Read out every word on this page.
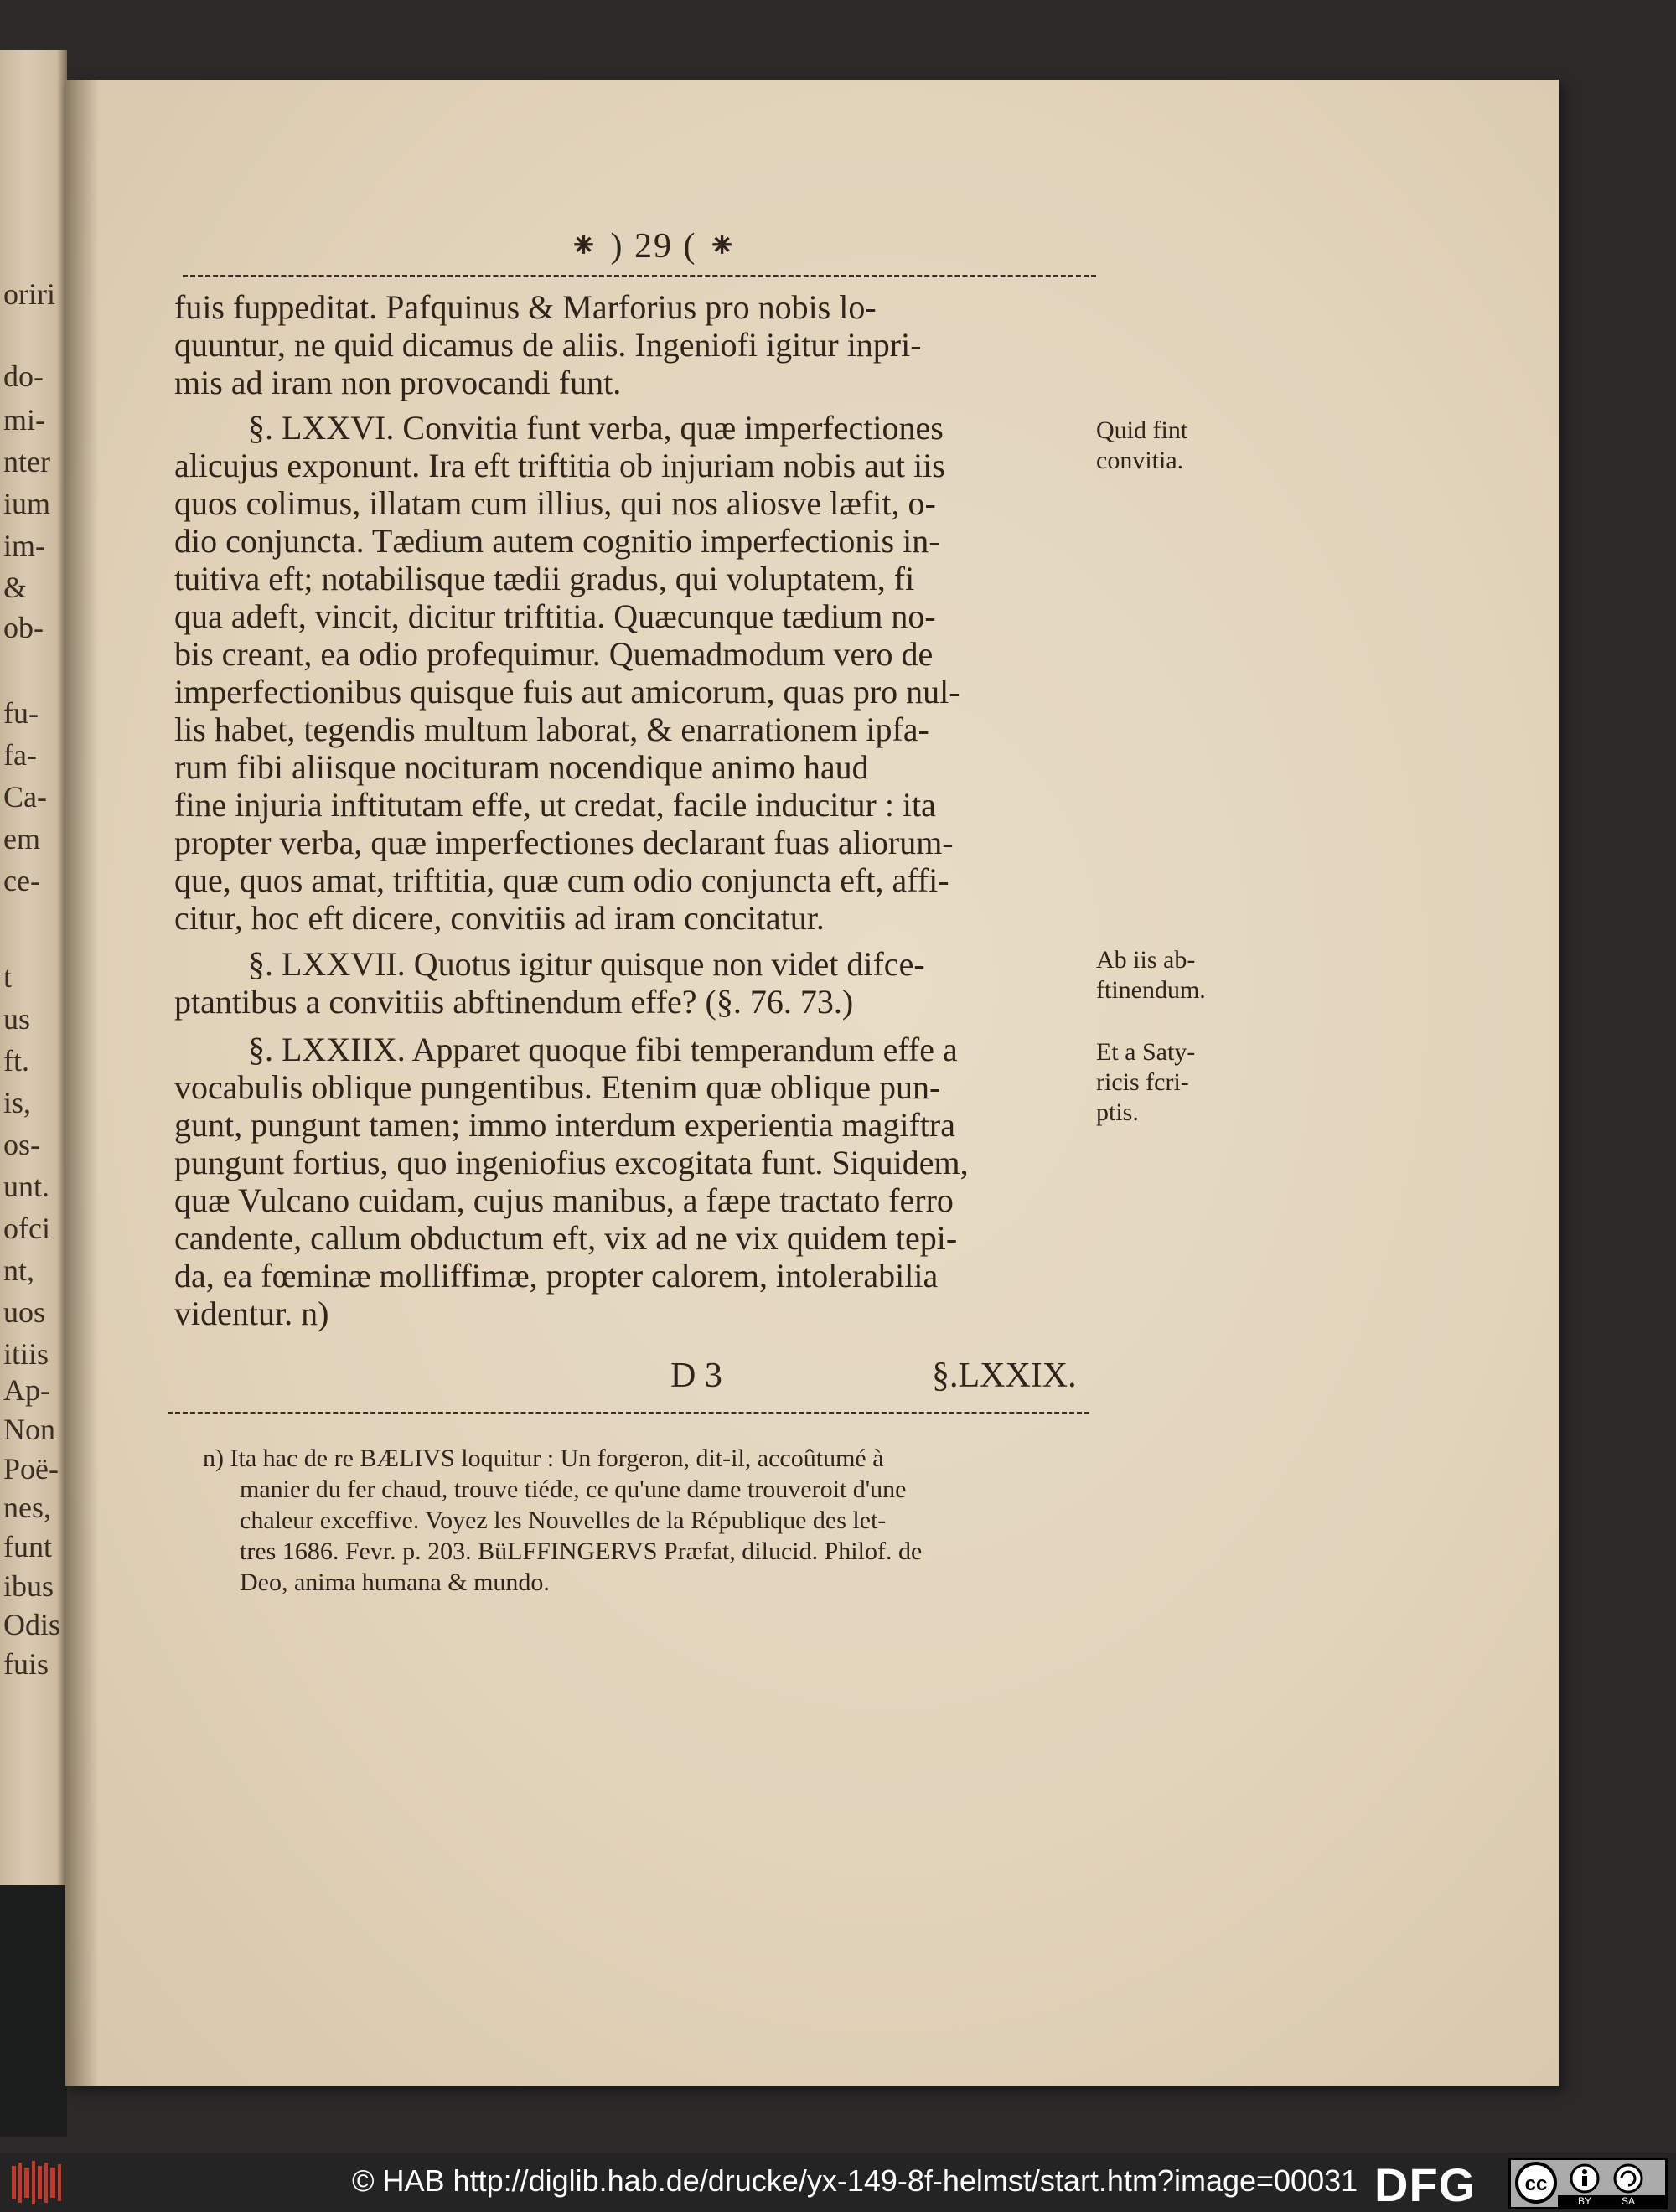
oriri
do-
mi-
nter
ium
im-
&
ob-
fu-
fa-
Ca-
em
ce-
t
us
ft.
is,
os-
unt.
ofci
nt,
uos
itiis
Ap-
Non
Poë-
nes,
funt
ibus
Odis
fuis
⁕ ) 29 ( ⁕
fuis fuppeditat. Pafquinus & Marforius pro nobis lo-
quuntur, ne quid dicamus de aliis. Ingeniofi igitur inpri-
mis ad iram non provocandi funt.
§. LXXVI. Convitia funt verba, quæ imperfectiones
alicujus exponunt. Ira eft triftitia ob injuriam nobis aut iis
quos colimus, illatam cum illius, qui nos aliosve læfit, o-
dio conjuncta. Tædium autem cognitio imperfectionis in-
tuitiva eft; notabilisque tædii gradus, qui voluptatem, fi
qua adeft, vincit, dicitur triftitia. Quæcunque tædium no-
bis creant, ea odio profequimur. Quemadmodum vero de
imperfectionibus quisque fuis aut amicorum, quas pro nul-
lis habet, tegendis multum laborat, & enarrationem ipfa-
rum fibi aliisque nocituram nocendique animo haud
fine injuria inftitutam effe, ut credat, facile inducitur : ita
propter verba, quæ imperfectiones declarant fuas aliorum-
que, quos amat, triftitia, quæ cum odio conjuncta eft, affi-
citur, hoc eft dicere, convitiis ad iram concitatur.
§. LXXVII. Quotus igitur quisque non videt difce-
ptantibus a convitiis abftinendum effe? (§. 76. 73.)
§. LXXIIX. Apparet quoque fibi temperandum effe a
vocabulis oblique pungentibus. Etenim quæ oblique pun-
gunt, pungunt tamen; immo interdum experientia magiftra
pungunt fortius, quo ingeniofius excogitata funt. Siquidem,
quæ Vulcano cuidam, cujus manibus, a fæpe tractato ferro
candente, callum obductum eft, vix ad ne vix quidem tepi-
da, ea fœminæ molliffimæ, propter calorem, intolerabilia
videntur. n)
Quid fint
convitia.
Ab iis ab-
ftinendum.
Et a Saty-
ricis fcri-
ptis.
D 3	§.LXXIX.
n) Ita hac de re BÆLIVS loquitur : Un forgeron, dit-il, accoûtumé à
manier du fer chaud, trouve tiéde, ce qu'une dame trouveroit d'une
chaleur exceffive. Voyez les Nouvelles de la République des let-
tres 1686. Fevr. p. 203. BüLFFINGERVS Præfat, dilucid. Philof. de
Deo, anima humana & mundo.
© HAB http://diglib.hab.de/drucke/yx-149-8f-helmst/start.htm?image=00031 DFG cc
BY	SA
